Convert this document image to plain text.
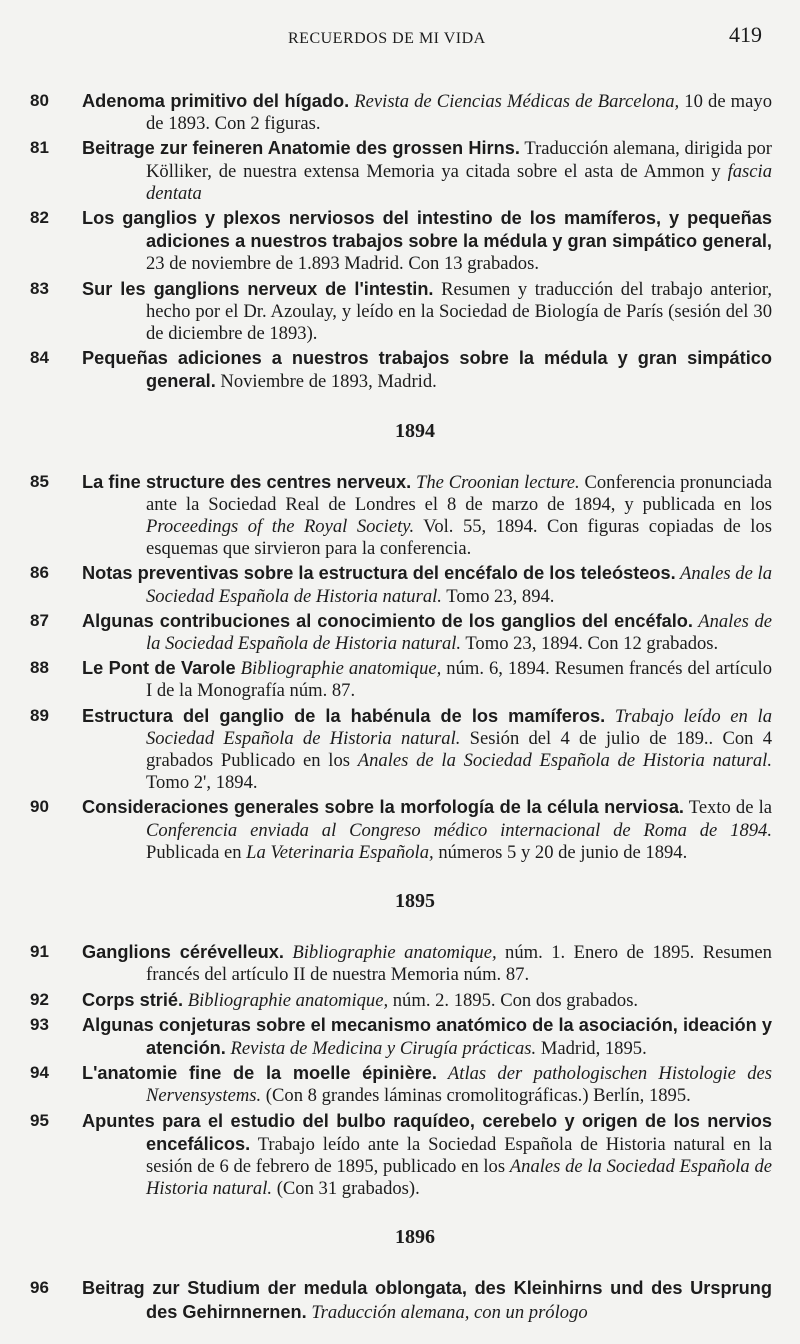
RECUERDOS DE MI VIDA	419
80 Adenoma primitivo del hígado. Revista de Ciencias Médicas de Barcelona, 10 de mayo de 1893. Con 2 figuras.
81 Beitrage zur feineren Anatomie des grossen Hirns. Traducción alemana, dirigida por Kölliker, de nuestra extensa Memoria ya citada sobre el asta de Ammon y fascia dentata
82 Los ganglios y plexos nerviosos del intestino de los mamíferos, y pequeñas adiciones a nuestros trabajos sobre la médula y gran simpático general, 23 de noviembre de 1.893 Madrid. Con 13 grabados.
83 Sur les ganglions nerveux de l'intestin. Resumen y traducción del trabajo anterior, hecho por el Dr. Azoulay, y leído en la Sociedad de Biología de París (sesión del 30 de diciembre de 1893).
84 Pequeñas adiciones a nuestros trabajos sobre la médula y gran simpático general. Noviembre de 1893, Madrid.
1894
85 La fine structure des centres nerveux. The Croonian lecture. Conferencia pronunciada ante la Sociedad Real de Londres el 8 de marzo de 1894, y publicada en los Proceedings of the Royal Society. Vol. 55, 1894. Con figuras copiadas de los esquemas que sirvieron para la conferencia.
86 Notas preventivas sobre la estructura del encéfalo de los teleósteos. Anales de la Sociedad Española de Historia natural. Tomo 23, 894.
87 Algunas contribuciones al conocimiento de los ganglios del encéfalo. Anales de la Sociedad Española de Historia natural. Tomo 23, 1894. Con 12 grabados.
88 Le Pont de Varole Bibliographie anatomique, núm. 6, 1894. Resumen francés del artículo I de la Monografía núm. 87.
89 Estructura del ganglio de la habénula de los mamíferos. Trabajo leído en la Sociedad Española de Historia natural. Sesión del 4 de julio de 189.. Con 4 grabados Publicado en los Anales de la Sociedad Española de Historia natural. Tomo 2', 1894.
90 Consideraciones generales sobre la morfología de la célula nerviosa. Texto de la Conferencia enviada al Congreso médico internacional de Roma de 1894. Publicada en La Veterinaria Española, números 5 y 20 de junio de 1894.
1895
91 Ganglions cérévelleux. Bibliographie anatomique, núm. 1. Enero de 1895. Resumen francés del artículo II de nuestra Memoria núm. 87.
92 Corps strié. Bibliographie anatomique, núm. 2. 1895. Con dos grabados.
93 Algunas conjeturas sobre el mecanismo anatómico de la asociación, ideación y atención. Revista de Medicina y Cirugía prácticas. Madrid, 1895.
94 L'anatomie fine de la moelle épinière. Atlas der pathologischen Histologie des Nervensystems. (Con 8 grandes láminas cromolitográficas.) Berlín, 1895.
95 Apuntes para el estudio del bulbo raquídeo, cerebelo y origen de los nervios encefálicos. Trabajo leído ante la Sociedad Española de Historia natural en la sesión de 6 de febrero de 1895, publicado en los Anales de la Sociedad Española de Historia natural. (Con 31 grabados).
1896
96 Beitrag zur Studium der medula oblongata, des Kleinhirns und des Ursprung des Gehirnnernen. Traducción alemana, con un prólogo
